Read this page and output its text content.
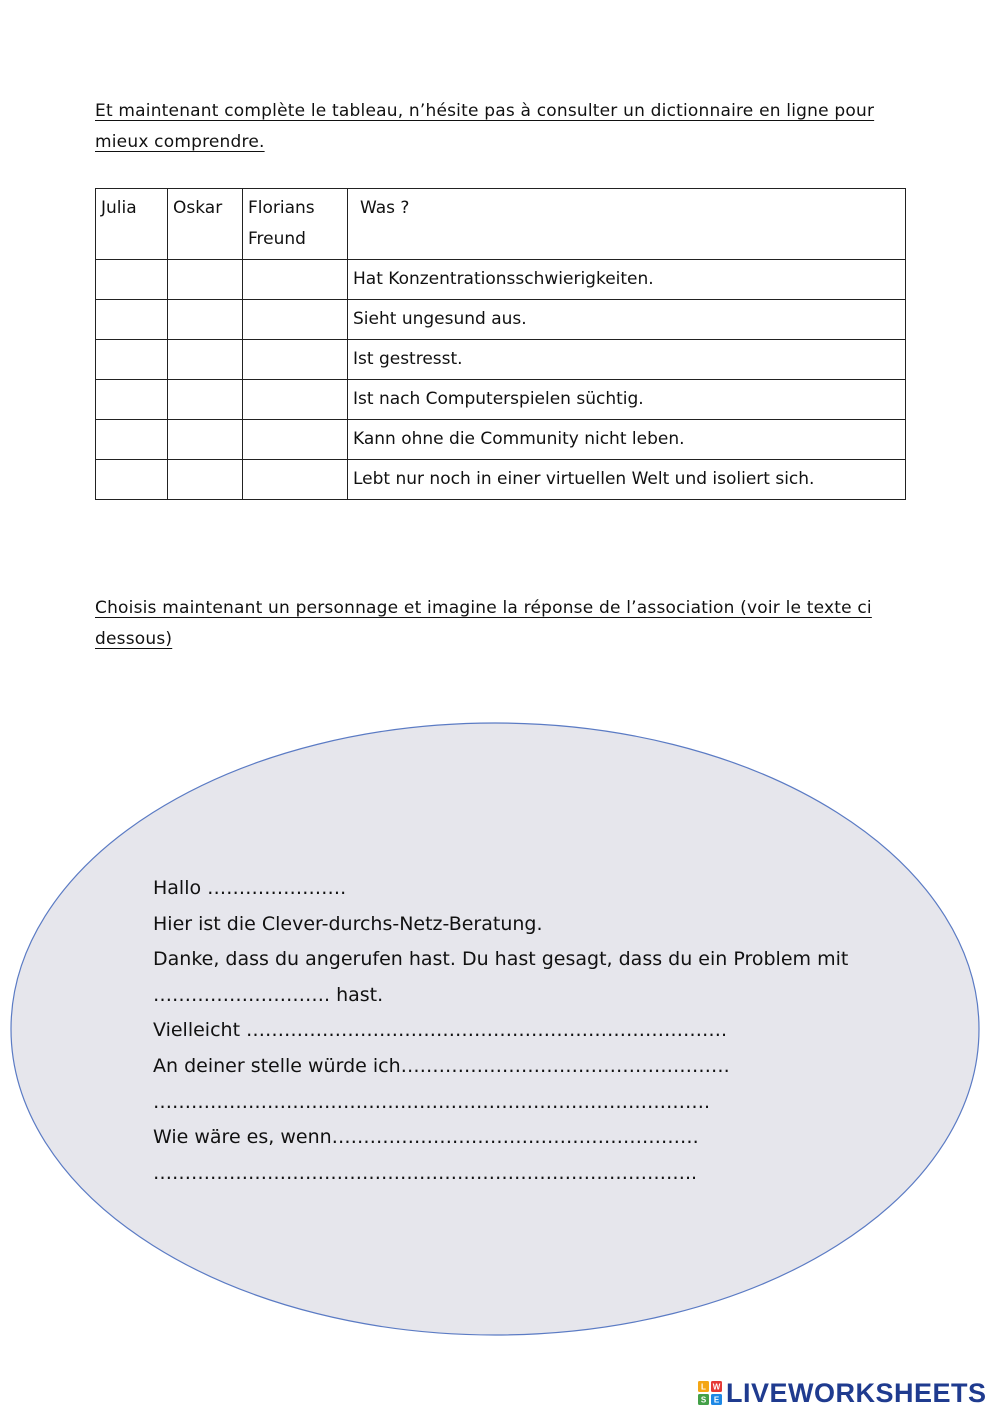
Et maintenant complète le tableau, n’hésite pas à consulter un dictionnaire en ligne pour mieux comprendre.

Julia	Oskar	Florians Freund	Was ?
			Hat Konzentrationsschwierigkeiten.
			Sieht ungesund aus.
			Ist gestresst.
			Ist nach Computerspielen süchtig.
			Kann ohne die Community nicht leben.
			Lebt nur noch in einer virtuellen Welt und isoliert sich.

Choisis maintenant un personnage et imagine la réponse de l’association (voir le texte ci dessous)

Hallo ………………….
Hier ist die Clever-durchs-Netz-Beratung.
Danke, dass du angerufen hast. Du hast gesagt, dass du ein Problem mit
………………………. hast.
Vielleicht ………………………………………………………………….
An deiner stelle würde ich…………………………………………….
…………………………………………………………………………….
Wie wäre es, wenn………………………………………………….
…………………………………………………………………………..
L W
S E LIVEWORKSHEETS
